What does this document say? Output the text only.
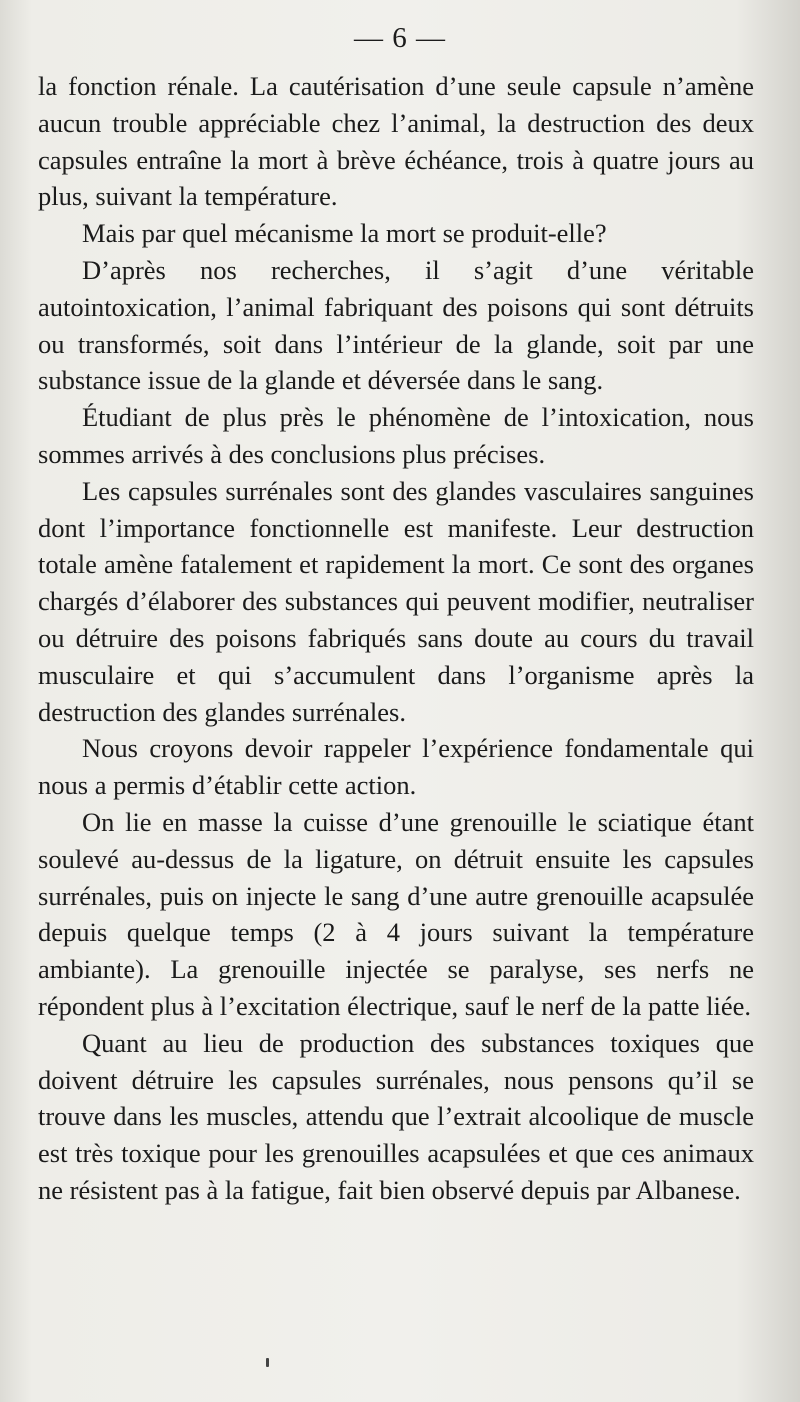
— 6 —

la fonction rénale. La cautérisation d’une seule capsule n’amène aucun trouble appréciable chez l’animal, la destruction des deux capsules entraîne la mort à brève échéance, trois à quatre jours au plus, suivant la température.

Mais par quel mécanisme la mort se produit-elle?

D’après nos recherches, il s’agit d’une véritable autointoxication, l’animal fabriquant des poisons qui sont détruits ou transformés, soit dans l’intérieur de la glande, soit par une substance issue de la glande et déversée dans le sang.

Étudiant de plus près le phénomène de l’intoxication, nous sommes arrivés à des conclusions plus précises.

Les capsules surrénales sont des glandes vasculaires sanguines dont l’importance fonctionnelle est manifeste. Leur destruction totale amène fatalement et rapidement la mort. Ce sont des organes chargés d’élaborer des substances qui peuvent modifier, neutraliser ou détruire des poisons fabriqués sans doute au cours du travail musculaire et qui s’accumulent dans l’organisme après la destruction des glandes surrénales.

Nous croyons devoir rappeler l’expérience fondamentale qui nous a permis d’établir cette action.

On lie en masse la cuisse d’une grenouille le sciatique étant soulevé au-dessus de la ligature, on détruit ensuite les capsules surrénales, puis on injecte le sang d’une autre grenouille acapsulée depuis quelque temps (2 à 4 jours suivant la température ambiante). La grenouille injectée se paralyse, ses nerfs ne répondent plus à l’excitation électrique, sauf le nerf de la patte liée.

Quant au lieu de production des substances toxiques que doivent détruire les capsules surrénales, nous pensons qu’il se trouve dans les muscles, attendu que l’extrait alcoolique de muscle est très toxique pour les grenouilles acapsulées et que ces animaux ne résistent pas à la fatigue, fait bien observé depuis par Albanese.
